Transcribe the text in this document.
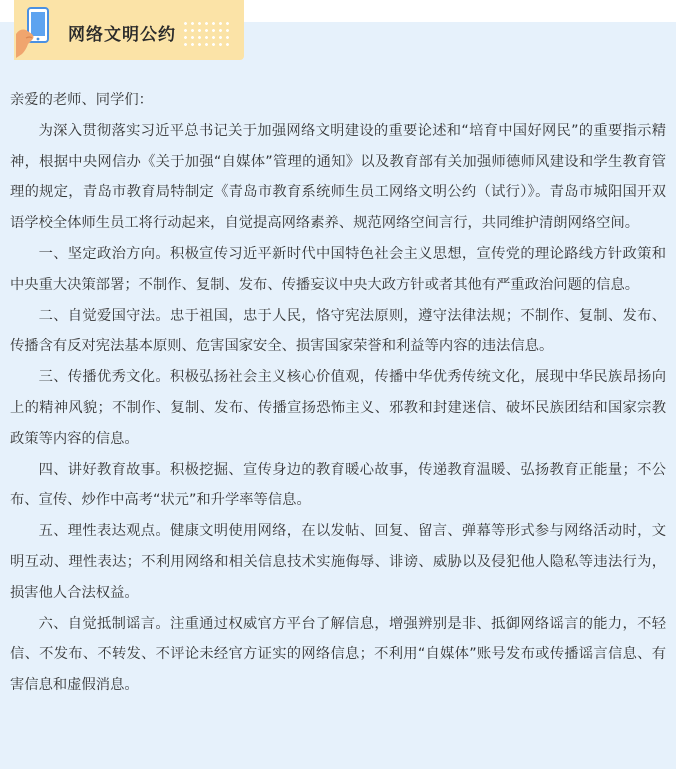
网络文明公约

亲爱的老师、同学们：

为深入贯彻落实习近平总书记关于加强网络文明建设的重要论述和“培育中国好网民”的重要指示精神，根据中央网信办《关于加强“自媒体”管理的通知》以及教育部有关加强师德师风建设和学生教育管理的规定，青岛市教育局特制定《青岛市教育系统师生员工网络文明公约（试行）》。青岛市城阳国开双语学校全体师生员工将行动起来，自觉提高网络素养、规范网络空间言行，共同维护清朗网络空间。

一、坚定政治方向。积极宣传习近平新时代中国特色社会主义思想，宣传党的理论路线方针政策和中央重大决策部署；不制作、复制、发布、传播妄议中央大政方针或者其他有严重政治问题的信息。

二、自觉爱国守法。忠于祖国，忠于人民，恪守宪法原则，遵守法律法规；不制作、复制、发布、传播含有反对宪法基本原则、危害国家安全、损害国家荣誉和利益等内容的违法信息。

三、传播优秀文化。积极弘扬社会主义核心价值观，传播中华优秀传统文化，展现中华民族昂扬向上的精神风貌；不制作、复制、发布、传播宣扬恐怖主义、邪教和封建迷信、破坏民族团结和国家宗教政策等内容的信息。

四、讲好教育故事。积极挖掘、宣传身边的教育暖心故事，传递教育温暖、弘扬教育正能量；不公布、宣传、炒作中高考“状元”和升学率等信息。

五、理性表达观点。健康文明使用网络，在以发帖、回复、留言、弹幕等形式参与网络活动时，文明互动、理性表达；不利用网络和相关信息技术实施侮辱、诽谤、威胁以及侵犯他人隐私等违法行为，损害他人合法权益。

六、自觉抵制谣言。注重通过权威官方平台了解信息，增强辨别是非、抵御网络谣言的能力，不轻信、不发布、不转发、不评论未经官方证实的网络信息；不利用“自媒体”账号发布或传播谣言信息、有害信息和虚假消息。
